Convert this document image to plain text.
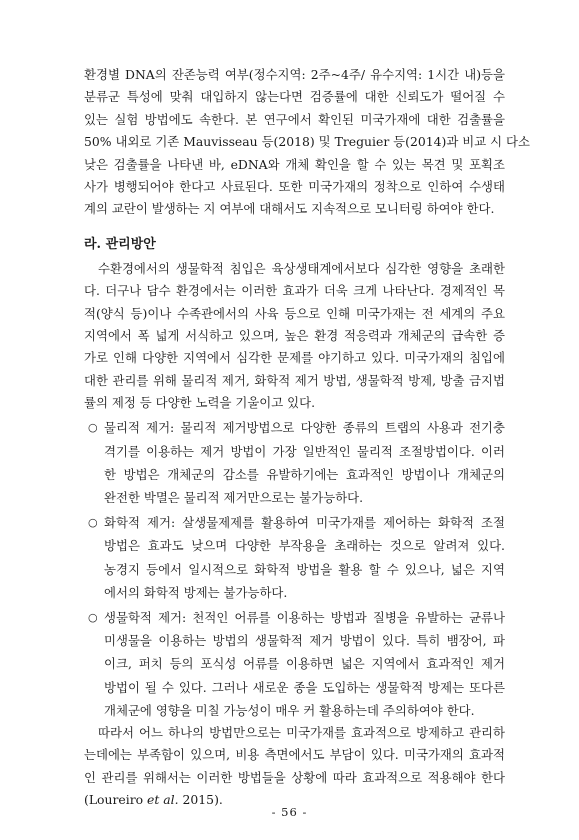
환경별 DNA의 잔존능력 여부(정수지역: 2주~4주/ 유수지역: 1시간 내)등을
분류군 특성에 맞춰 대입하지 않는다면 검증률에 대한 신뢰도가 떨어질 수
있는 실험 방법에도 속한다. 본 연구에서 확인된 미국가재에 대한 검출률을
50% 내외로 기존 Mauvisseau 등(2018) 및 Treguier 등(2014)과 비교 시 다소
낮은 검출률을 나타낸 바, eDNA와 개체 확인을 할 수 있는 목견 및 포획조
사가 병행되어야 한다고 사료된다. 또한 미국가재의 정착으로 인하여 수생태
계의 교란이 발생하는 지 여부에 대해서도 지속적으로 모니터링 하여야 한다.
라. 관리방안
수환경에서의 생물학적 침입은 육상생태계에서보다 심각한 영향을 초래한
다. 더구나 담수 환경에서는 이러한 효과가 더욱 크게 나타난다. 경제적인 목
적(양식 등)이나 수족관에서의 사육 등으로 인해 미국가재는 전 세계의 주요
지역에서 폭 넓게 서식하고 있으며, 높은 환경 적응력과 개체군의 급속한 증
가로 인해 다양한 지역에서 심각한 문제를 야기하고 있다. 미국가재의 침입에
대한 관리를 위해 물리적 제거, 화학적 제거 방법, 생물학적 방제, 방출 금지법
률의 제정 등 다양한 노력을 기울이고 있다.
○ 물리적 제거: 물리적 제거방법으로 다양한 종류의 트랩의 사용과 전기충
격기를 이용하는 제거 방법이 가장 일반적인 물리적 조절방법이다. 이러
한 방법은 개체군의 감소를 유발하기에는 효과적인 방법이나 개체군의
완전한 박멸은 물리적 제거만으로는 불가능하다.
○ 화학적 제거: 살생물제제를 활용하여 미국가재를 제어하는 화학적 조절
방법은 효과도 낮으며 다양한 부작용을 초래하는 것으로 알려져 있다.
농경지 등에서 일시적으로 화학적 방법을 활용 할 수 있으나, 넓은 지역
에서의 화학적 방제는 불가능하다.
○ 생물학적 제거: 천적인 어류를 이용하는 방법과 질병을 유발하는 균류나
미생물을 이용하는 방법의 생물학적 제거 방법이 있다. 특히 뱀장어, 파
이크, 퍼치 등의 포식성 어류를 이용하면 넓은 지역에서 효과적인 제거
방법이 될 수 있다. 그러나 새로운 종을 도입하는 생물학적 방제는 또다른
개체군에 영향을 미칠 가능성이 매우 커 활용하는데 주의하여야 한다.
따라서 어느 하나의 방법만으로는 미국가재를 효과적으로 방제하고 관리하
는데에는 부족함이 있으며, 비용 측면에서도 부담이 있다. 미국가재의 효과적
인 관리를 위해서는 이러한 방법들을 상황에 따라 효과적으로 적용해야 한다
(Loureiro et al. 2015).
- 56 -
